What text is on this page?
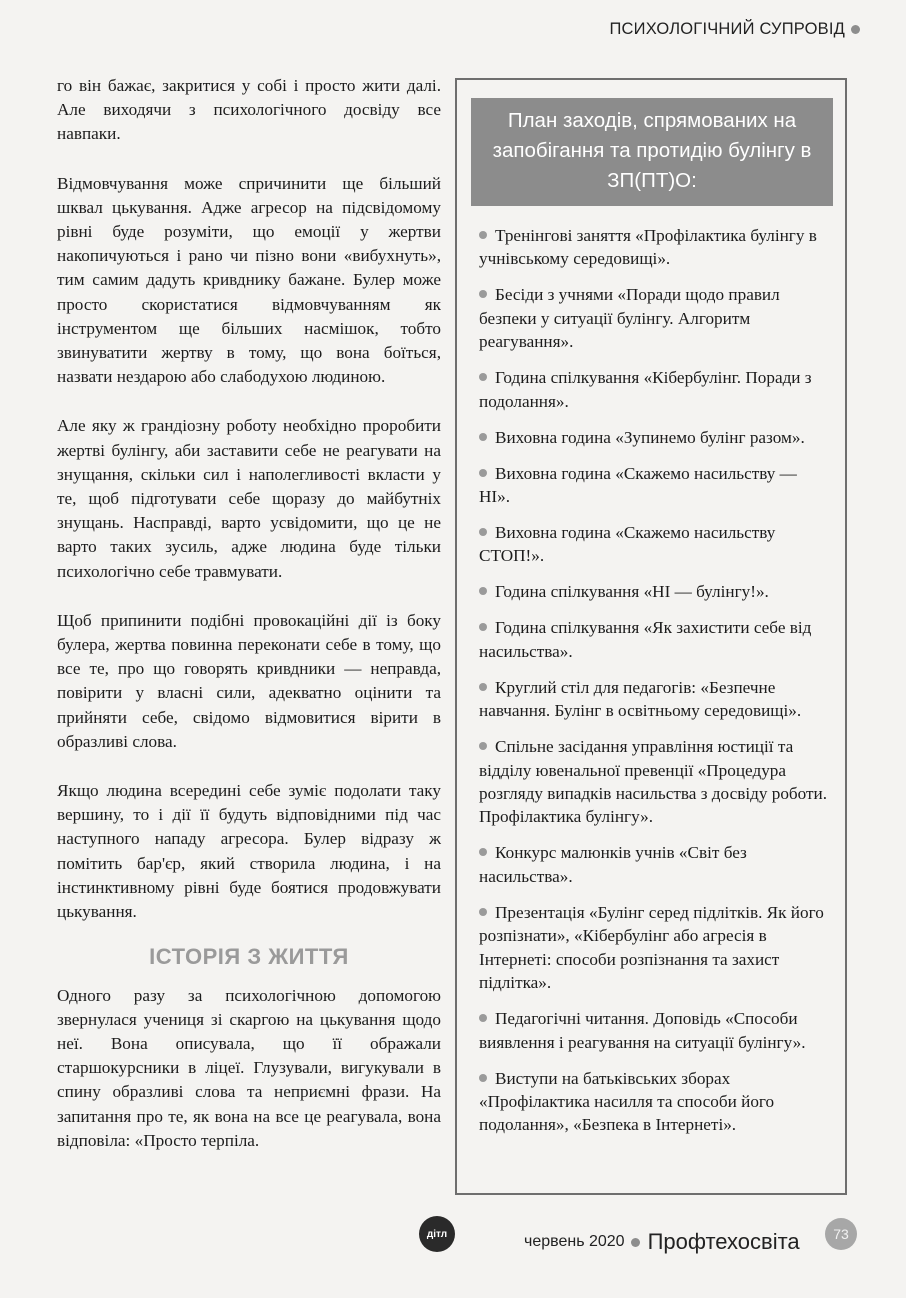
ПСИХОЛОГІЧНИЙ СУПРОВІД

го він бажає, закритися у собі і просто жити далі. Але виходячи з психологічного досвіду все навпаки.

Відмовчування може спричинити ще більший шквал цькування. Адже агресор на підсвідомому рівні буде розуміти, що емоції у жертви накопичуються і рано чи пізно вони «вибухнуть», тим самим дадуть кривднику бажане. Булер може просто скористатися відмовчуванням як інструментом ще більших насмішок, тобто звинуватити жертву в тому, що вона боїться, назвати нездарою або слабодухою людиною.

Але яку ж грандіозну роботу необхідно проробити жертві булінгу, аби заставити себе не реагувати на знущання, скільки сил і наполегливості вкласти у те, щоб підготувати себе щоразу до майбутніх знущань. Насправді, варто усвідомити, що це не варто таких зусиль, адже людина буде тільки психологічно себе травмувати.

Щоб припинити подібні провокаційні дії із боку булера, жертва повинна переконати себе в тому, що все те, про що говорять кривдники — неправда, повірити у власні сили, адекватно оцінити та прийняти себе, свідомо відмовитися вірити в образливі слова.

Якщо людина всередині себе зуміє подолати таку вершину, то і дії її будуть відповідними під час наступного нападу агресора. Булер відразу ж помітить бар'єр, який створила людина, і на інстинктивному рівні буде боятися продовжувати цькування.

ІСТОРІЯ З ЖИТТЯ

Одного разу за психологічною допомогою звернулася учениця зі скаргою на цькування щодо неї. Вона описувала, що її ображали старшокурсники в ліцеї. Глузували, вигукували в спину образливі слова та неприємні фрази. На запитання про те, як вона на все це реагувала, вона відповіла: «Просто терпіла.

План заходів, спрямованих на запобігання та протидію булінгу в ЗП(ПТ)О:
Тренінгові заняття «Профілактика булінгу в учнівському середовищі».
Бесіди з учнями «Поради щодо правил безпеки у ситуації булінгу. Алгоритм реагування».
Година спілкування «Кібербулінг. Поради з подолання».
Виховна година «Зупинемо булінг разом».
Виховна година «Скажемо насильству — НІ».
Виховна година «Скажемо насильству СТОП!».
Година спілкування «НІ — булінгу!».
Година спілкування «Як захистити себе від насильства».
Круглий стіл для педагогів: «Безпечне навчання. Булінг в освітньому середовищі».
Спільне засідання управління юстиції та відділу ювенальної превенції «Процедура розгляду випадків насильства з досвіду роботи. Профілактика булінгу».
Конкурс малюнків учнів «Світ без насильства».
Презентація «Булінг серед підлітків. Як його розпізнати», «Кібербулінг або агресія в Інтернеті: способи розпізнання та захист підлітка».
Педагогічні читання. Доповідь «Способи виявлення і реагування на ситуації булінгу».
Виступи на батьківських зборах «Профілактика насилля та способи його подолання», «Безпека в Інтернеті».
дітл	червень 2020 Профтехосвіта	73
